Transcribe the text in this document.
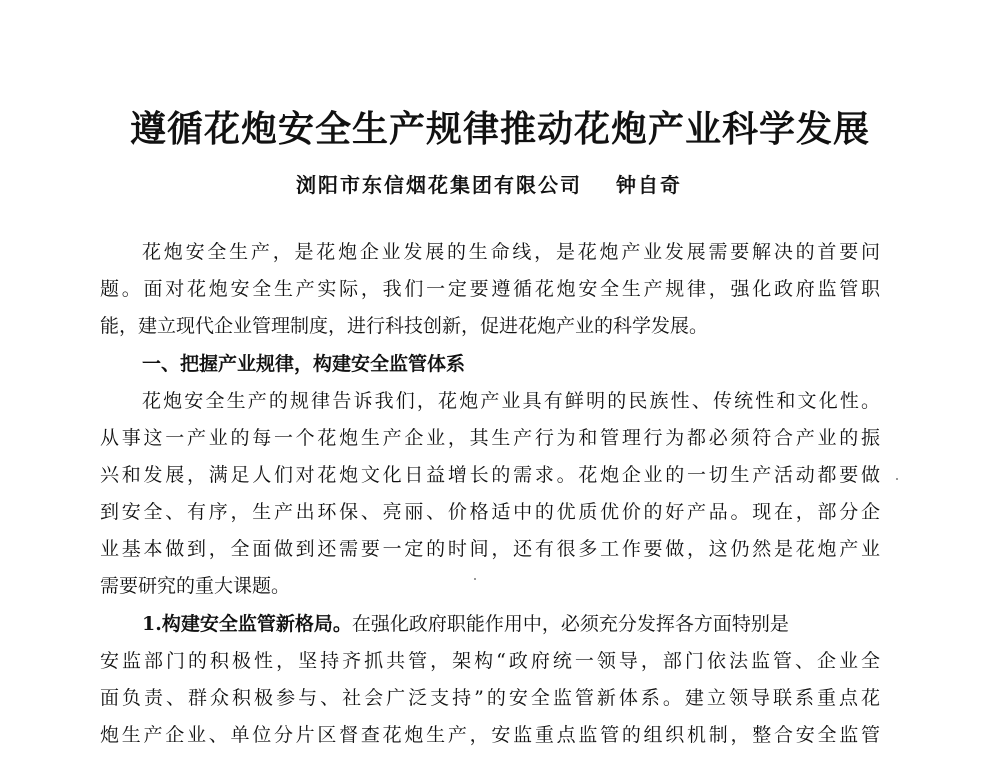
遵循花炮安全生产规律推动花炮产业科学发展
浏阳市东信烟花集团有限公司 钟自奇
花炮安全生产，是花炮企业发展的生命线，是花炮产业发展需要解决的首要问
题。面对花炮安全生产实际，我们一定要遵循花炮安全生产规律，强化政府监管职
能，建立现代企业管理制度，进行科技创新，促进花炮产业的科学发展。
一、把握产业规律，构建安全监管体系
花炮安全生产的规律告诉我们，花炮产业具有鲜明的民族性、传统性和文化性。
从事这一产业的每一个花炮生产企业，其生产行为和管理行为都必须符合产业的振
兴和发展，满足人们对花炮文化日益增长的需求。花炮企业的一切生产活动都要做
到安全、有序，生产出环保、亮丽、价格适中的优质优价的好产品。现在，部分企
业基本做到，全面做到还需要一定的时间，还有很多工作要做，这仍然是花炮产业
需要研究的重大课题。
1.构建安全监管新格局。在强化政府职能作用中，必须充分发挥各方面特别是
安监部门的积极性，坚持齐抓共管，架构“政府统一领导，部门依法监管、企业全
面负责、群众积极参与、社会广泛支持”的安全监管新体系。建立领导联系重点花
炮生产企业、单位分片区督查花炮生产，安监重点监管的组织机制，整合安全监管
